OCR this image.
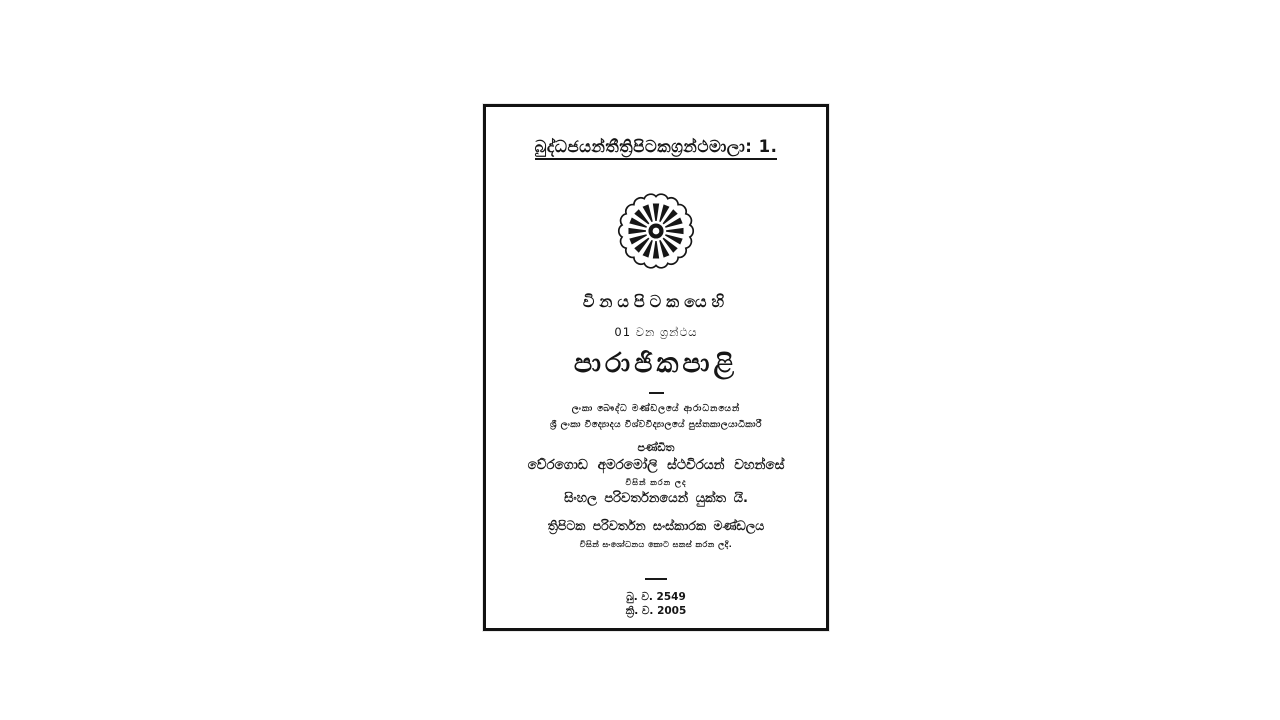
බුද්ධජයන්තීත්‍රිපිටකග්‍රන්ථමාලා: 1.
විනයපිටකයෙහි
01 වන ග්‍රන්ථය
පාරාජිකපාළි
ලංකා බෞද්ධ මණ්ඩලයේ ආරාධනයෙන්
ශ්‍රී ලංකා විද්‍යොදය විශ්වවිද්‍යාලයේ පුස්තකාලයාධිකාරී
පණ්ඩිත
වේරගොඩ අමරමෝලි ස්ථවිරයන් වහන්සේ
විසින් කරන ලද
සිංහල පරිවර්තනයෙන් යුක්ත යි.
ත්‍රිපිටක පරිවර්තන සංස්කාරක මණ්ඩලය
විසින් සංශෝධනය කොට සකස් කරන ලදි.
බු. ව. 2549
ක්‍රි. ව. 2005
